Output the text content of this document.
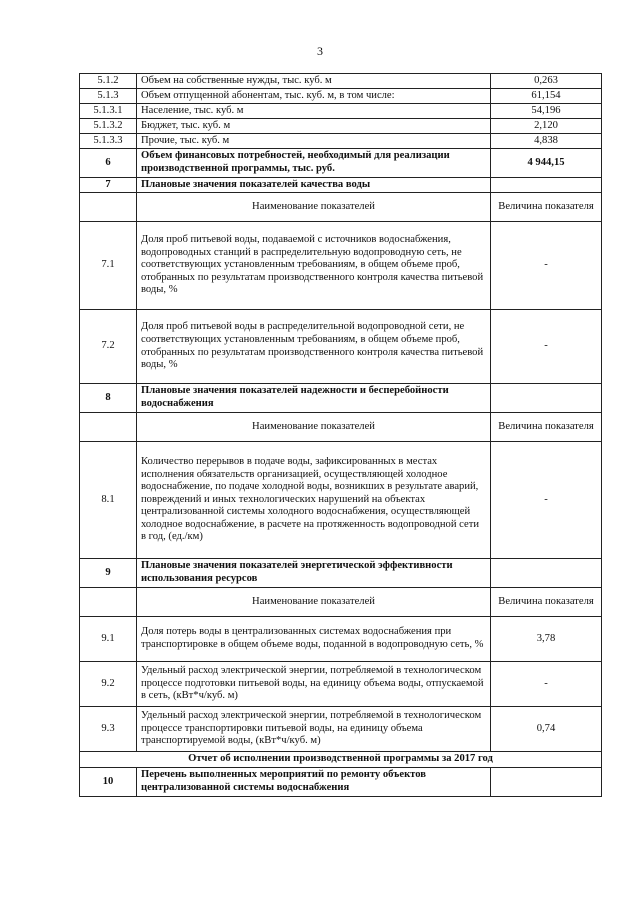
3
5.1.2	Объем на собственные нужды, тыс. куб. м	0,263
5.1.3	Объем отпущенной абонентам, тыс. куб. м, в том числе:	61,154
5.1.3.1	Население, тыс. куб. м	54,196
5.1.3.2	Бюджет, тыс. куб. м	2,120
5.1.3.3	Прочие, тыс. куб. м	4,838
6	Объем финансовых потребностей, необходимый для реализации производственной программы, тыс. руб.	4 944,15
7	Плановые значения показателей качества воды	
	Наименование показателей	Величина показателя
7.1	Доля проб питьевой воды, подаваемой с источников водоснабжения, водопроводных станций в распределительную водопроводную сеть, не соответствующих установленным требованиям, в общем объеме проб, отобранных по результатам производственного контроля качества питьевой воды, %	-
7.2	Доля проб питьевой воды в распределительной водопроводной сети, не соответствующих установленным требованиям, в общем объеме проб, отобранных по результатам производственного контроля качества питьевой воды, %	-
8	Плановые значения показателей надежности и бесперебойности водоснабжения	
	Наименование показателей	Величина показателя
8.1	Количество перерывов в подаче воды, зафиксированных в местах исполнения обязательств организацией, осуществляющей холодное водоснабжение, по подаче холодной воды, возникших в результате аварий, повреждений и иных технологических нарушений на объектах централизованной системы холодного водоснабжения, осуществляющей холодное водоснабжение, в расчете на протяженность водопроводной сети в год, (ед./км)	-
9	Плановые значения показателей энергетической эффективности использования ресурсов	
	Наименование показателей	Величина показателя
9.1	Доля потерь воды в централизованных системах водоснабжения при транспортировке в общем объеме воды, поданной в водопроводную сеть, %	3,78
9.2	Удельный расход электрической энергии, потребляемой в технологическом процессе подготовки питьевой воды, на единицу объема воды, отпускаемой в сеть, (кВт*ч/куб. м)	-
9.3	Удельный расход электрической энергии, потребляемой в технологическом процессе транспортировки питьевой воды, на единицу объема транспортируемой воды, (кВт*ч/куб. м)	0,74
Отчет об исполнении производственной программы за 2017 год		
10	Перечень выполненных мероприятий по ремонту объектов централизованной системы водоснабжения	
